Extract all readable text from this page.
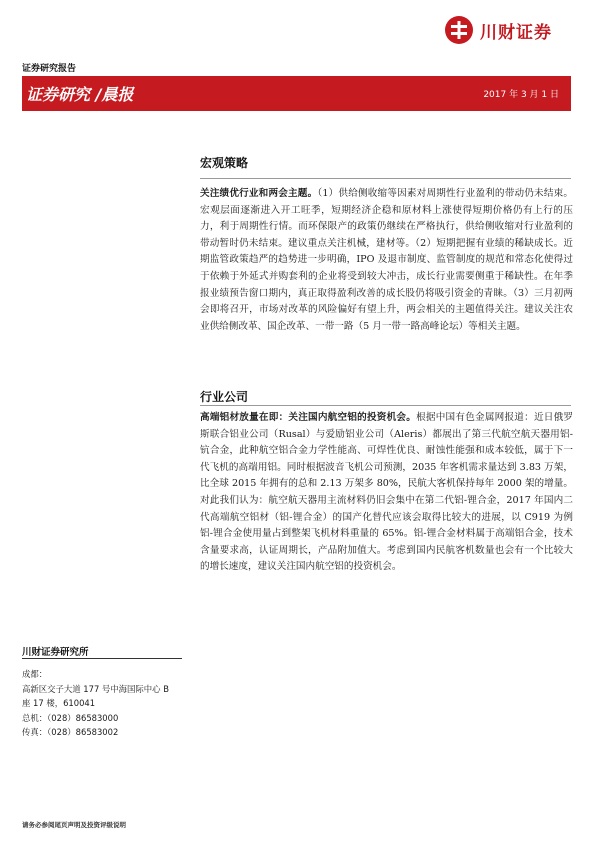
川财证券
证券研究报告
证券研究 /晨报	2017 年 3 月 1 日
宏观策略

关注绩优行业和两会主题。（1）供给侧收缩等因素对周期性行业盈利的带动仍未结束。宏观层面逐渐进入开工旺季，短期经济企稳和原材料上涨使得短期价格仍有上行的压力，利于周期性行情。而环保限产的政策仍继续在严格执行，供给侧收缩对行业盈利的带动暂时仍未结束。建议重点关注机械，建材等。（2）短期把握有业绩的稀缺成长。近期监管政策趋严的趋势进一步明确，IPO 及退市制度、监管制度的规范和常态化使得过于依赖于外延式并购套利的企业将受到较大冲击，成长行业需要侧重于稀缺性。在年季报业绩预告窗口期内，真正取得盈利改善的成长股仍将吸引资金的青睐。（3）三月初两会即将召开，市场对改革的风险偏好有望上升，两会相关的主题值得关注。建议关注农业供给侧改革、国企改革、一带一路（5 月一带一路高峰论坛）等相关主题。

行业公司

高端铝材放量在即：关注国内航空铝的投资机会。根据中国有色金属网报道：近日俄罗斯联合铝业公司（Rusal）与爱励铝业公司（Aleris）都展出了第三代航空航天器用铝-钪合金，此种航空铝合金力学性能高、可焊性优良、耐蚀性能强和成本较低，属于下一代飞机的高端用铝。同时根据波音飞机公司预测，2035 年客机需求量达到 3.83 万架，比全球 2015 年拥有的总和 2.13 万架多 80%，民航大客机保持每年 2000 架的增量。对此我们认为：航空航天器用主流材料仍旧会集中在第二代铝-锂合金，2017 年国内二代高端航空铝材（铝-锂合金）的国产化替代应该会取得比较大的进展，以 C919 为例铝-锂合金使用量占到整架飞机材料重量的 65%。铝-锂合金材料属于高端铝合金，技术含量要求高，认证周期长，产品附加值大。考虑到国内民航客机数量也会有一个比较大的增长速度，建议关注国内航空铝的投资机会。

川财证券研究所
成都：
高新区交子大道 177 号中海国际中心 B
座 17 楼，610041
总机：（028）86583000
传真：（028）86583002
请务必参阅尾页声明及投资评级说明
